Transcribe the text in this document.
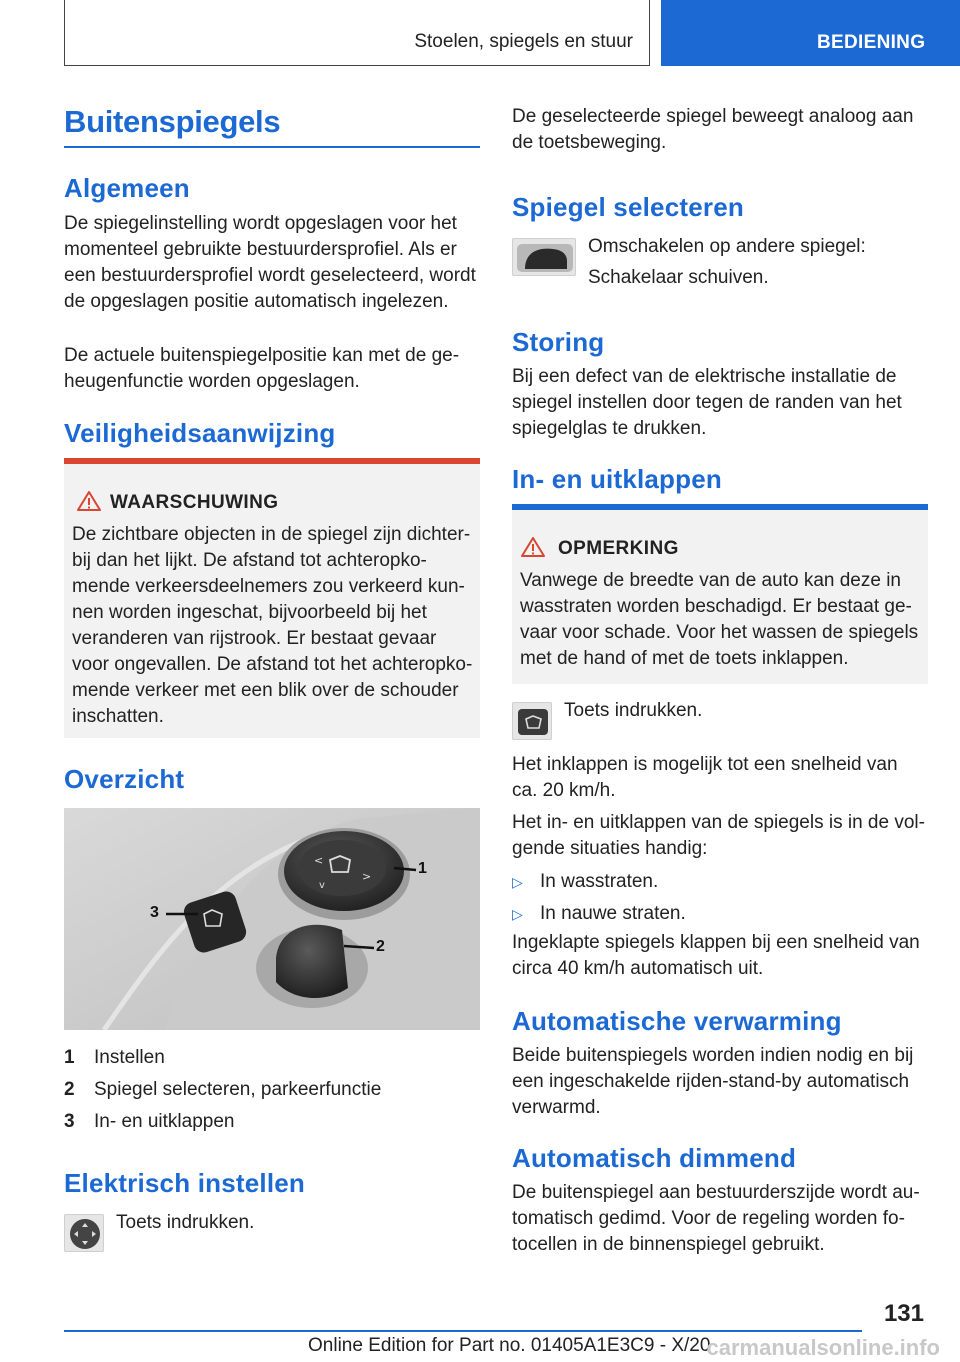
Stoelen, spiegels en stuur	BEDIENING
Buitenspiegels
Algemeen

De spiegelinstelling wordt opgeslagen voor het momenteel gebruikte bestuurdersprofiel. Als er een bestuurdersprofiel wordt geselecteerd, wordt de opgeslagen positie automatisch ingelezen.

De actuele buitenspiegelpositie kan met de geheugenfunctie worden opgeslagen.

Veiligheidsaanwijzing
WAARSCHUWING

De zichtbare objecten in de spiegel zijn dichterbij dan het lijkt. De afstand tot achteropkomende verkeersdeelnemers zou verkeerd kunnen worden ingeschat, bijvoorbeeld bij het veranderen van rijstrook. Er bestaat gevaar voor ongevallen. De afstand tot het achteropkomende verkeer met een blik over de schouder inschatten.

Overzicht
<
>
v
1
2
3
1	Instellen
2	Spiegel selecteren, parkeerfunctie
3	In- en uitklappen
Elektrisch instellen

Toets indrukken.

De geselecteerde spiegel beweegt analoog aan de toetsbeweging.

Spiegel selecteren

Omschakelen op andere spiegel:

Schakelaar schuiven.

Storing

Bij een defect van de elektrische installatie de spiegel instellen door tegen de randen van het spiegelglas te drukken.

In- en uitklappen
OPMERKING

Vanwege de breedte van de auto kan deze in wasstraten worden beschadigd. Er bestaat gevaar voor schade. Voor het wassen de spiegels met de hand of met de toets inklappen.

Toets indrukken.

Het inklappen is mogelijk tot een snelheid van ca. 20 km/h.

Het in- en uitklappen van de spiegels is in de volgende situaties handig:

▷ In wasstraten.
▷ In nauwe straten.

Ingeklapte spiegels klappen bij een snelheid van circa 40 km/h automatisch uit.

Automatische verwarming

Beide buitenspiegels worden indien nodig en bij een ingeschakelde rijden-stand-by automatisch verwarmd.

Automatisch dimmend

De buitenspiegel aan bestuurderszijde wordt automatisch gedimd. Voor de regeling worden fotocellen in de binnenspiegel gebruikt.

131
Online Edition for Part no. 01405A1E3C9 - X/20
carmanualsonline.info
